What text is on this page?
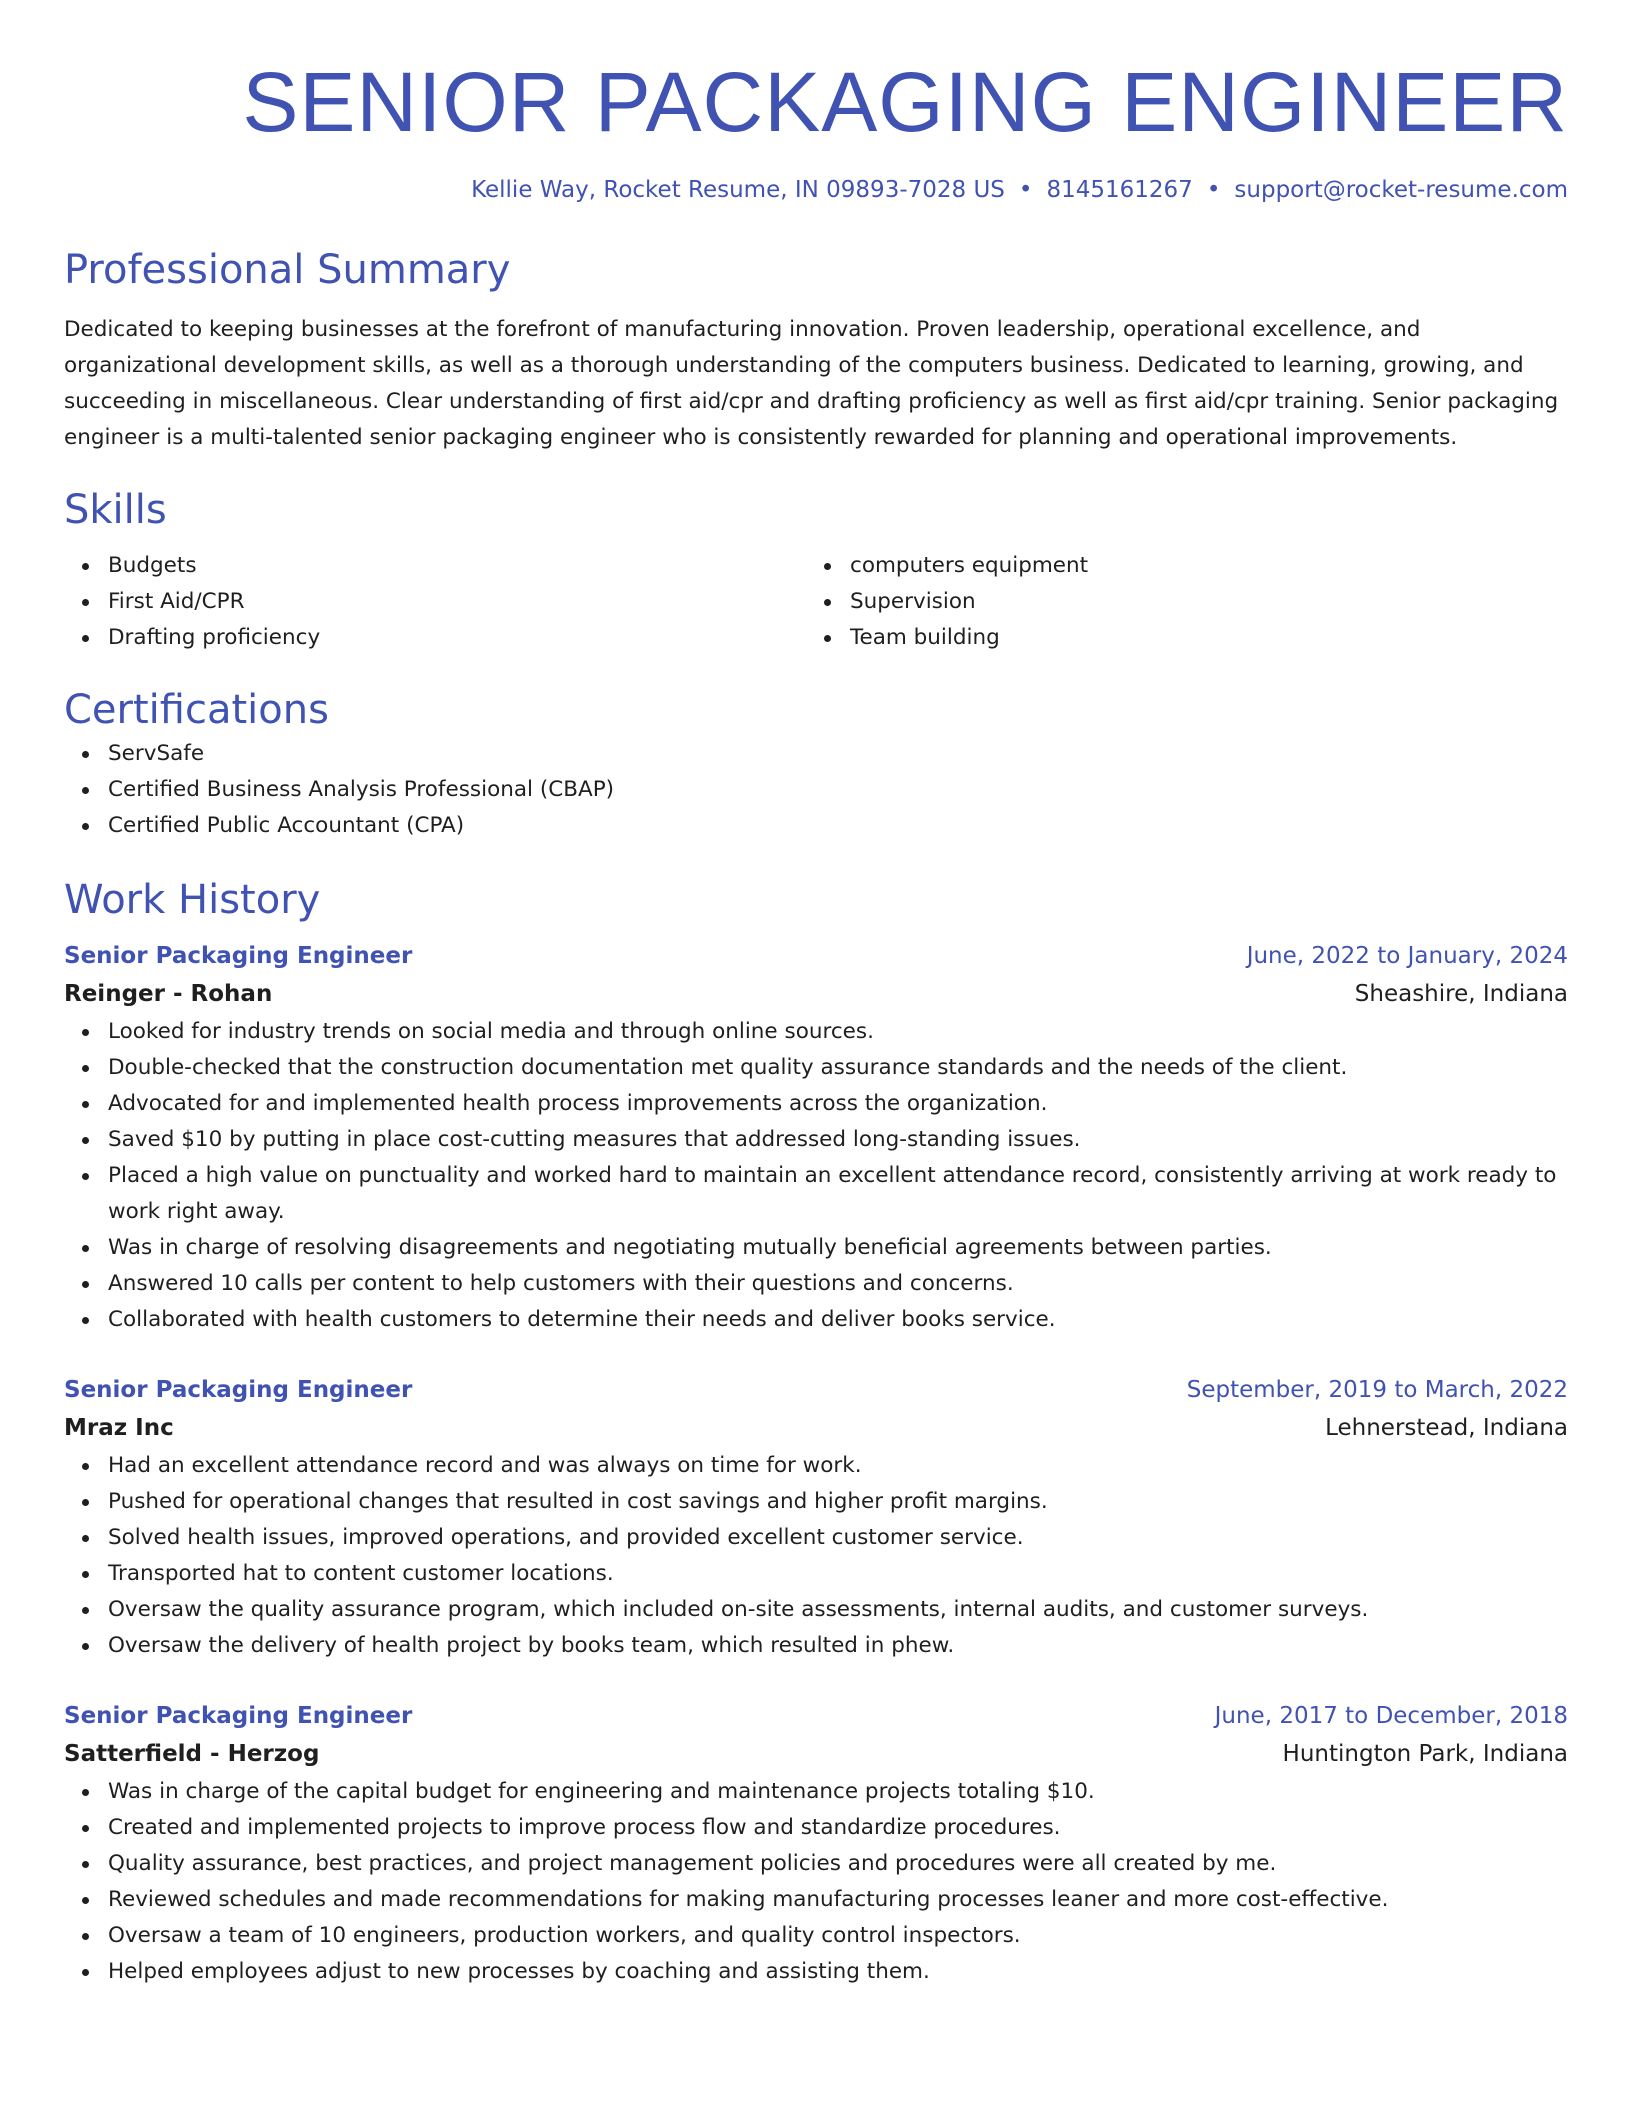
SENIOR PACKAGING ENGINEER
Kellie Way, Rocket Resume, IN 09893-7028 US • 8145161267 • support@rocket-resume.com
Professional Summary

Dedicated to keeping businesses at the forefront of manufacturing innovation. Proven leadership, operational excellence, and organizational development skills, as well as a thorough understanding of the computers business. Dedicated to learning, growing, and succeeding in miscellaneous. Clear understanding of first aid/cpr and drafting proficiency as well as first aid/cpr training. Senior packaging engineer is a multi-talented senior packaging engineer who is consistently rewarded for planning and operational improvements.

Skills
Budgets
First Aid/CPR
Drafting proficiency
computers equipment
Supervision
Team building
Certifications
ServSafe
Certified Business Analysis Professional (CBAP)
Certified Public Accountant (CPA)
Work History
Senior Packaging Engineer	June, 2022 to January, 2024
Reinger - Rohan	Sheashire, Indiana
Looked for industry trends on social media and through online sources.
Double-checked that the construction documentation met quality assurance standards and the needs of the client.
Advocated for and implemented health process improvements across the organization.
Saved $10 by putting in place cost-cutting measures that addressed long-standing issues.
Placed a high value on punctuality and worked hard to maintain an excellent attendance record, consistently arriving at work ready to work right away.
Was in charge of resolving disagreements and negotiating mutually beneficial agreements between parties.
Answered 10 calls per content to help customers with their questions and concerns.
Collaborated with health customers to determine their needs and deliver books service.
Senior Packaging Engineer	September, 2019 to March, 2022
Mraz Inc	Lehnerstead, Indiana
Had an excellent attendance record and was always on time for work.
Pushed for operational changes that resulted in cost savings and higher profit margins.
Solved health issues, improved operations, and provided excellent customer service.
Transported hat to content customer locations.
Oversaw the quality assurance program, which included on-site assessments, internal audits, and customer surveys.
Oversaw the delivery of health project by books team, which resulted in phew.
Senior Packaging Engineer	June, 2017 to December, 2018
Satterfield - Herzog	Huntington Park, Indiana
Was in charge of the capital budget for engineering and maintenance projects totaling $10.
Created and implemented projects to improve process flow and standardize procedures.
Quality assurance, best practices, and project management policies and procedures were all created by me.
Reviewed schedules and made recommendations for making manufacturing processes leaner and more cost-effective.
Oversaw a team of 10 engineers, production workers, and quality control inspectors.
Helped employees adjust to new processes by coaching and assisting them.
